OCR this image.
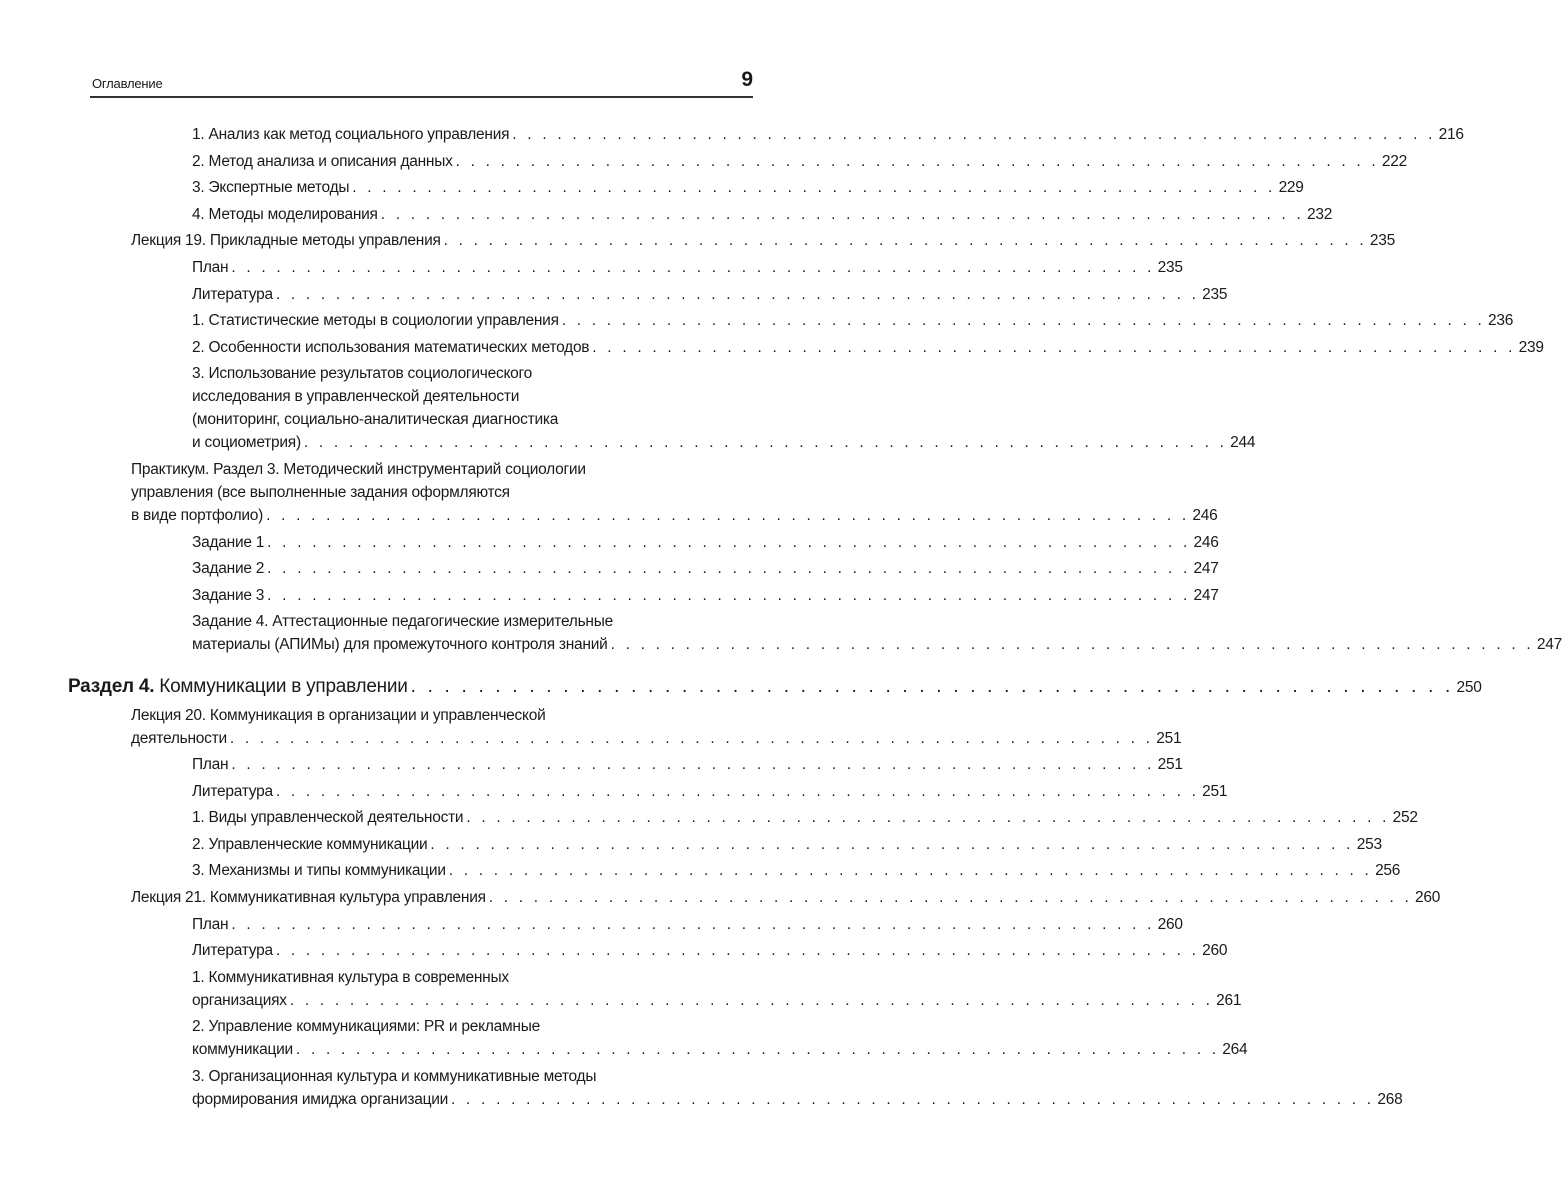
Оглавление	9
1. Анализ как метод социального управления . . . . . . . . . . . . . . . . . . . . . . . . . . . . . . . . . . . . . . . . . . . . . . . . . . . . . . . . . . . . . . 216
2. Метод анализа и описания данных . . . . . . . . . . . . . . . . . . . . . . . . . . . . . . . . . . . . . . . . . . . . . . . . . . . . . . . . . . . . . . 222
3. Экспертные методы . . . . . . . . . . . . . . . . . . . . . . . . . . . . . . . . . . . . . . . . . . . . . . . . . . . . . . . . . . . . . . 229
4. Методы моделирования . . . . . . . . . . . . . . . . . . . . . . . . . . . . . . . . . . . . . . . . . . . . . . . . . . . . . . . . . . . . . . 232
Лекция 19. Прикладные методы управления . . . . . . . . . . . . . . . . . . . . . . . . . . . . . . . . . . . . . . . . . . . . . . . . . . . . . . . . . . . . . . 235
План . . . . . . . . . . . . . . . . . . . . . . . . . . . . . . . . . . . . . . . . . . . . . . . . . . . . . . . . . . . . . . 235
Литература . . . . . . . . . . . . . . . . . . . . . . . . . . . . . . . . . . . . . . . . . . . . . . . . . . . . . . . . . . . . . . 235
1. Статистические методы в социологии управления . . . . . . . . . . . . . . . . . . . . . . . . . . . . . . . . . . . . . . . . . . . . . . . . . . . . . . . . . . . . . . 236
2. Особенности использования математических методов . . . . . . . . . . . . . . . . . . . . . . . . . . . . . . . . . . . . . . . . . . . . . . . . . . . . . . . . . . . . . . 239
3. Использование результатов социологического
исследования в управленческой деятельности
(мониторинг, социально-аналитическая диагностика
и социометрия) . . . . . . . . . . . . . . . . . . . . . . . . . . . . . . . . . . . . . . . . . . . . . . . . . . . . . . . . . . . . . . 244
Практикум. Раздел 3. Методический инструментарий социологии
управления (все выполненные задания оформляются
в виде портфолио) . . . . . . . . . . . . . . . . . . . . . . . . . . . . . . . . . . . . . . . . . . . . . . . . . . . . . . . . . . . . . . 246
Задание 1 . . . . . . . . . . . . . . . . . . . . . . . . . . . . . . . . . . . . . . . . . . . . . . . . . . . . . . . . . . . . . . 246
Задание 2 . . . . . . . . . . . . . . . . . . . . . . . . . . . . . . . . . . . . . . . . . . . . . . . . . . . . . . . . . . . . . . 247
Задание 3 . . . . . . . . . . . . . . . . . . . . . . . . . . . . . . . . . . . . . . . . . . . . . . . . . . . . . . . . . . . . . . 247
Задание 4. Аттестационные педагогические измерительные
материалы (АПИМы) для промежуточного контроля знаний . . . . . . . . . . . . . . . . . . . . . . . . . . . . . . . . . . . . . . . . . . . . . . . . . . . . . . . . . . . . . . 247
Раздел 4. Коммуникации в управлении . . . . . . . . . . . . . . . . . . . . . . . . . . . . . . . . . . . . . . . . . . . . . . . . . . . . . . . . . . . . . . 250
Лекция 20. Коммуникация в организации и управленческой
деятельности . . . . . . . . . . . . . . . . . . . . . . . . . . . . . . . . . . . . . . . . . . . . . . . . . . . . . . . . . . . . . . 251
План . . . . . . . . . . . . . . . . . . . . . . . . . . . . . . . . . . . . . . . . . . . . . . . . . . . . . . . . . . . . . . 251
Литература . . . . . . . . . . . . . . . . . . . . . . . . . . . . . . . . . . . . . . . . . . . . . . . . . . . . . . . . . . . . . . 251
1. Виды управленческой деятельности . . . . . . . . . . . . . . . . . . . . . . . . . . . . . . . . . . . . . . . . . . . . . . . . . . . . . . . . . . . . . . 252
2. Управленческие коммуникации . . . . . . . . . . . . . . . . . . . . . . . . . . . . . . . . . . . . . . . . . . . . . . . . . . . . . . . . . . . . . . 253
3. Механизмы и типы коммуникации . . . . . . . . . . . . . . . . . . . . . . . . . . . . . . . . . . . . . . . . . . . . . . . . . . . . . . . . . . . . . . 256
Лекция 21. Коммуникативная культура управления . . . . . . . . . . . . . . . . . . . . . . . . . . . . . . . . . . . . . . . . . . . . . . . . . . . . . . . . . . . . . . 260
План . . . . . . . . . . . . . . . . . . . . . . . . . . . . . . . . . . . . . . . . . . . . . . . . . . . . . . . . . . . . . . 260
Литература . . . . . . . . . . . . . . . . . . . . . . . . . . . . . . . . . . . . . . . . . . . . . . . . . . . . . . . . . . . . . . 260
1. Коммуникативная культура в современных
организациях . . . . . . . . . . . . . . . . . . . . . . . . . . . . . . . . . . . . . . . . . . . . . . . . . . . . . . . . . . . . . . 261
2. Управление коммуникациями: PR и рекламные
коммуникации . . . . . . . . . . . . . . . . . . . . . . . . . . . . . . . . . . . . . . . . . . . . . . . . . . . . . . . . . . . . . . 264
3. Организационная культура и коммуникативные методы
формирования имиджа организации . . . . . . . . . . . . . . . . . . . . . . . . . . . . . . . . . . . . . . . . . . . . . . . . . . . . . . . . . . . . . . 268
